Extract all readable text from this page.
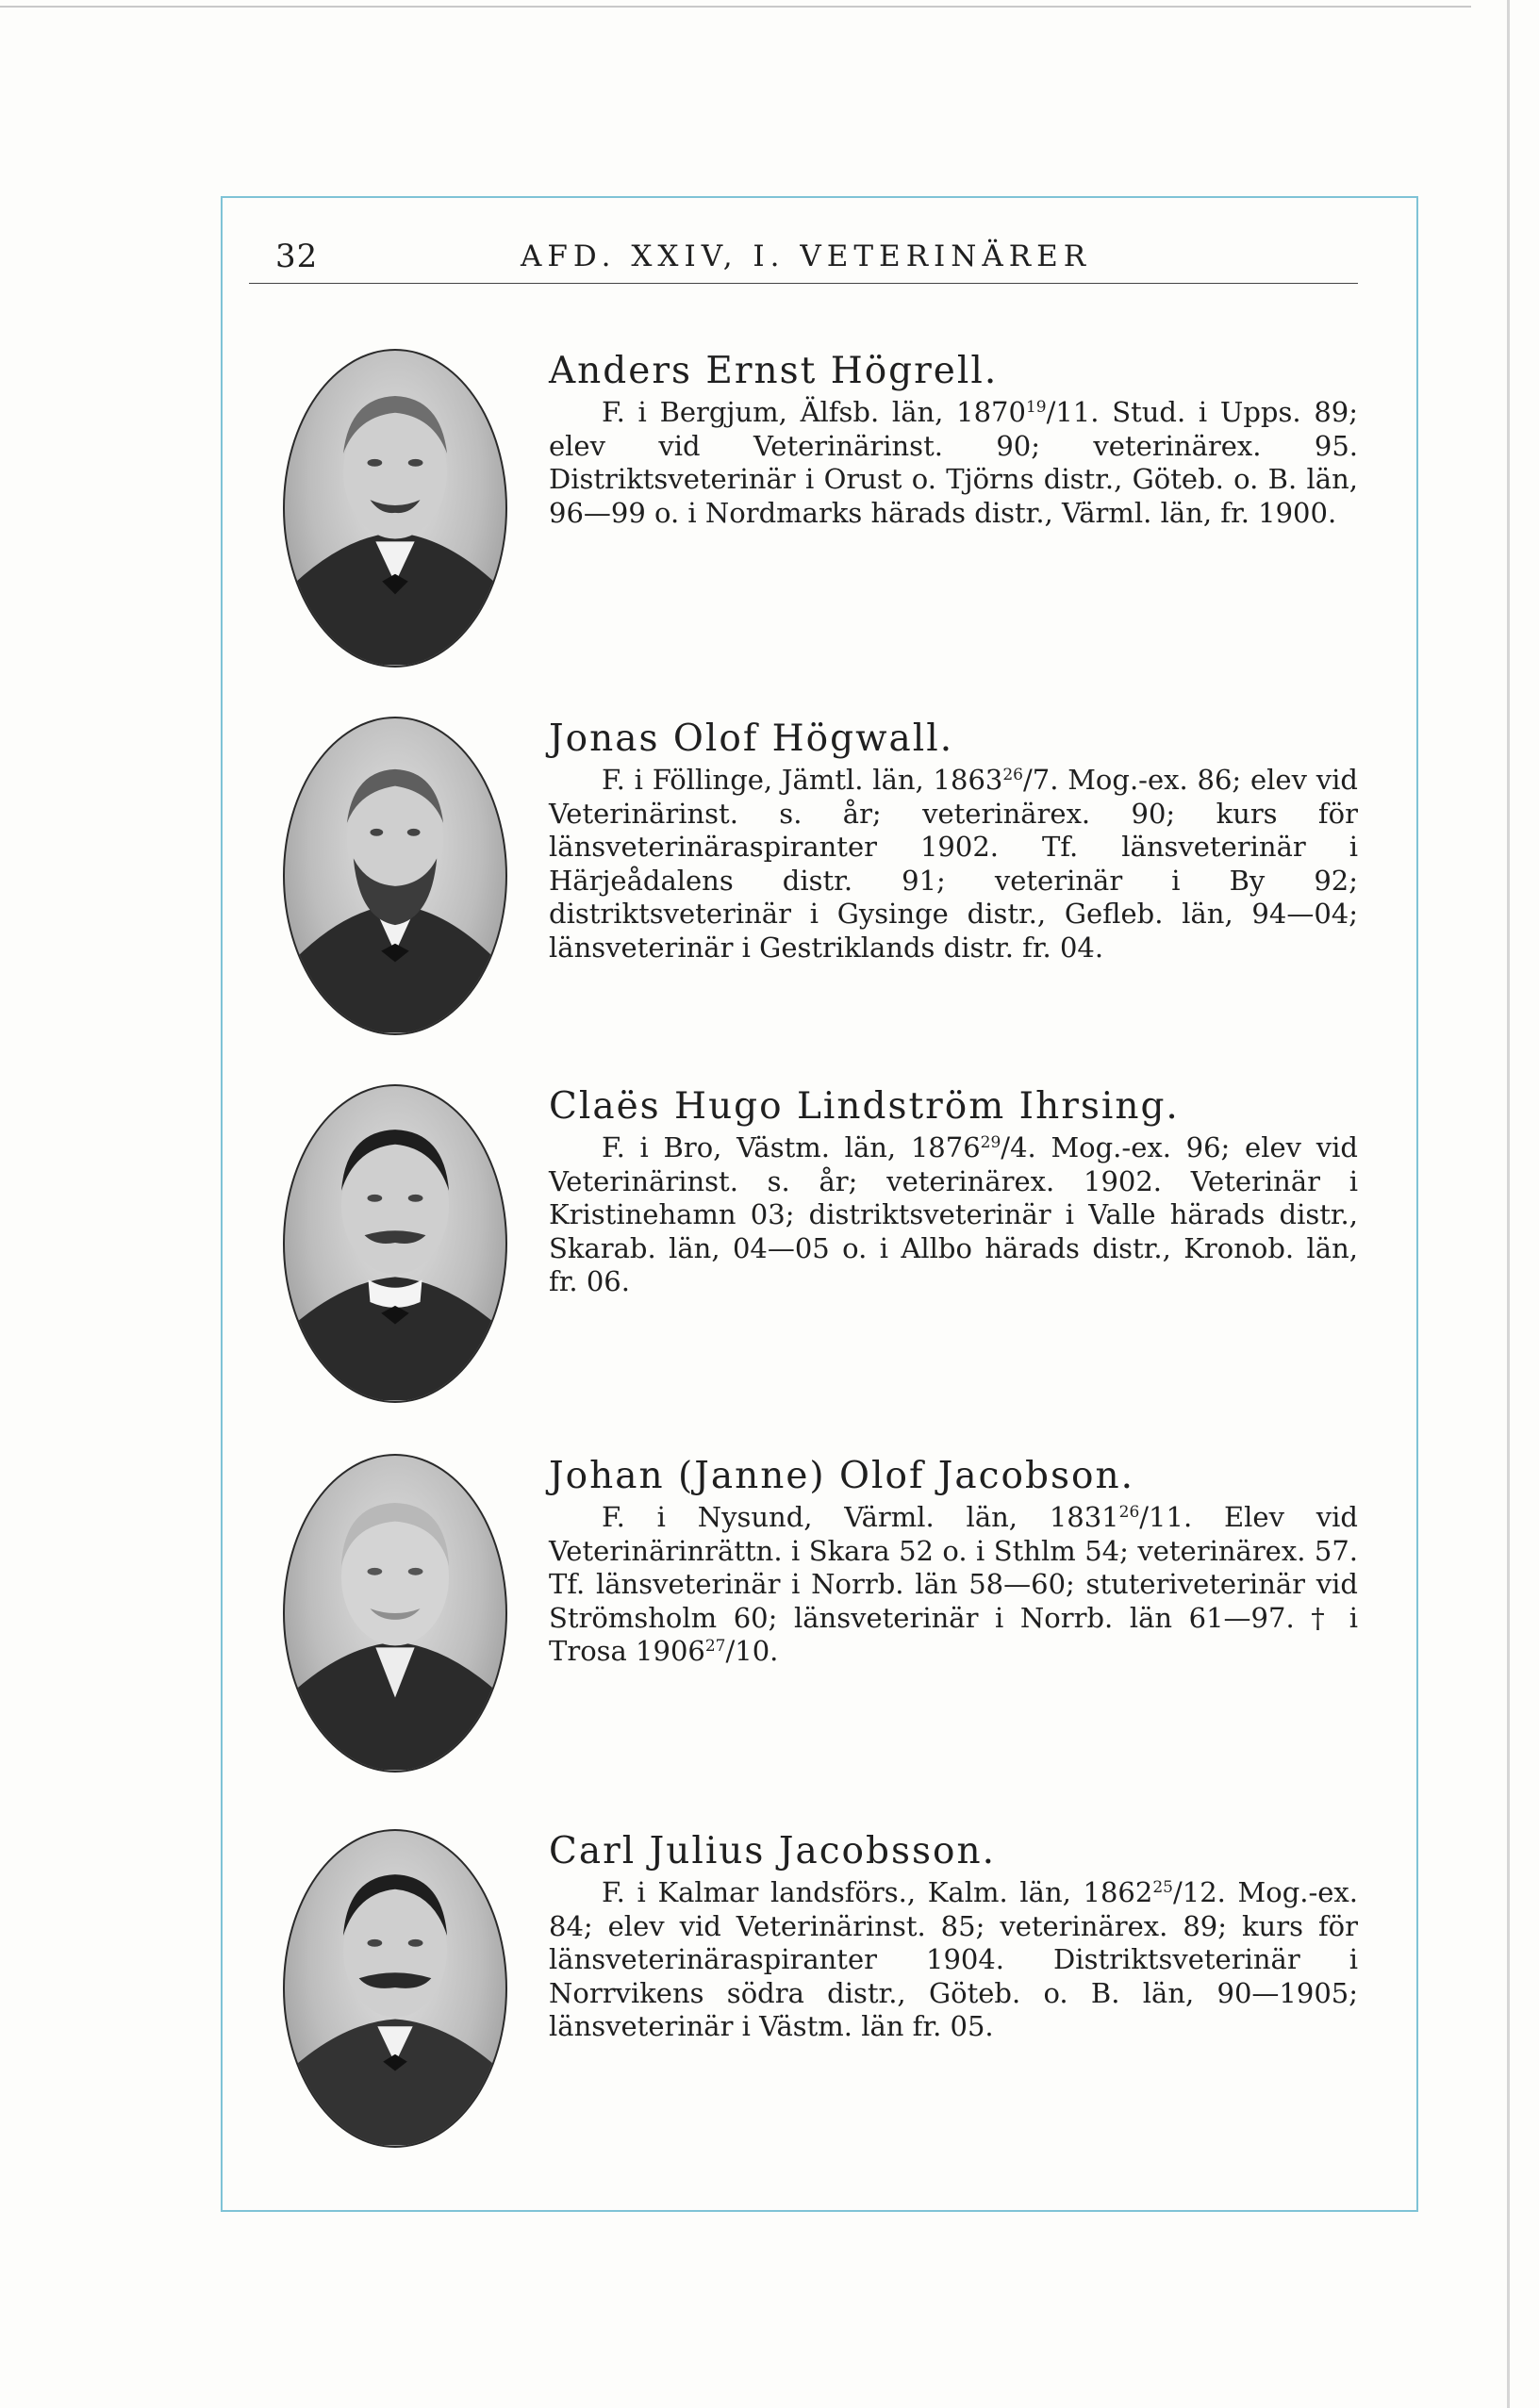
32	AFD. XXIV, I. VETERINÄRER
Anders Ernst Högrell.

F. i Bergjum, Älfsb. län, 1870$^{19}$/11. Stud. i Upps. 89; elev vid Veterinärinst. 90; veterinärex. 95. Distriktsveterinär i Orust o. Tjörns distr., Göteb. o. B. län, 96—99 o. i Nordmarks härads distr., Värml. län, fr. 1900.

Jonas Olof Högwall.

F. i Föllinge, Jämtl. län, 1863$^{26}$/7. Mog.-ex. 86; elev vid Veterinärinst. s. år; veterinärex. 90; kurs för länsveterinäraspiranter 1902. Tf. länsveterinär i Härjeådalens distr. 91; veterinär i By 92; distriktsveterinär i Gysinge distr., Gefleb. län, 94—04; länsveterinär i Gestriklands distr. fr. 04.

Claës Hugo Lindström Ihrsing.

F. i Bro, Västm. län, 1876$^{29}$/4. Mog.-ex. 96; elev vid Veterinärinst. s. år; veterinärex. 1902. Veterinär i Kristinehamn 03; distriktsveterinär i Valle härads distr., Skarab. län, 04—05 o. i Allbo härads distr., Kronob. län, fr. 06.

Johan (Janne) Olof Jacobson.

F. i Nysund, Värml. län, 1831$^{26}$/11. Elev vid Veterinärinrättn. i Skara 52 o. i Sthlm 54; veterinärex. 57. Tf. länsveterinär i Norrb. län 58—60; stuteriveterinär vid Strömsholm 60; länsveterinär i Norrb. län 61—97. † i Trosa 1906$^{27}$/10.

Carl Julius Jacobsson.

F. i Kalmar landsförs., Kalm. län, 1862$^{25}$/12. Mog.-ex. 84; elev vid Veterinärinst. 85; veterinärex. 89; kurs för länsveterinäraspiranter 1904. Distriktsveterinär i Norrvikens södra distr., Göteb. o. B. län, 90—1905; länsveterinär i Västm. län fr. 05.
